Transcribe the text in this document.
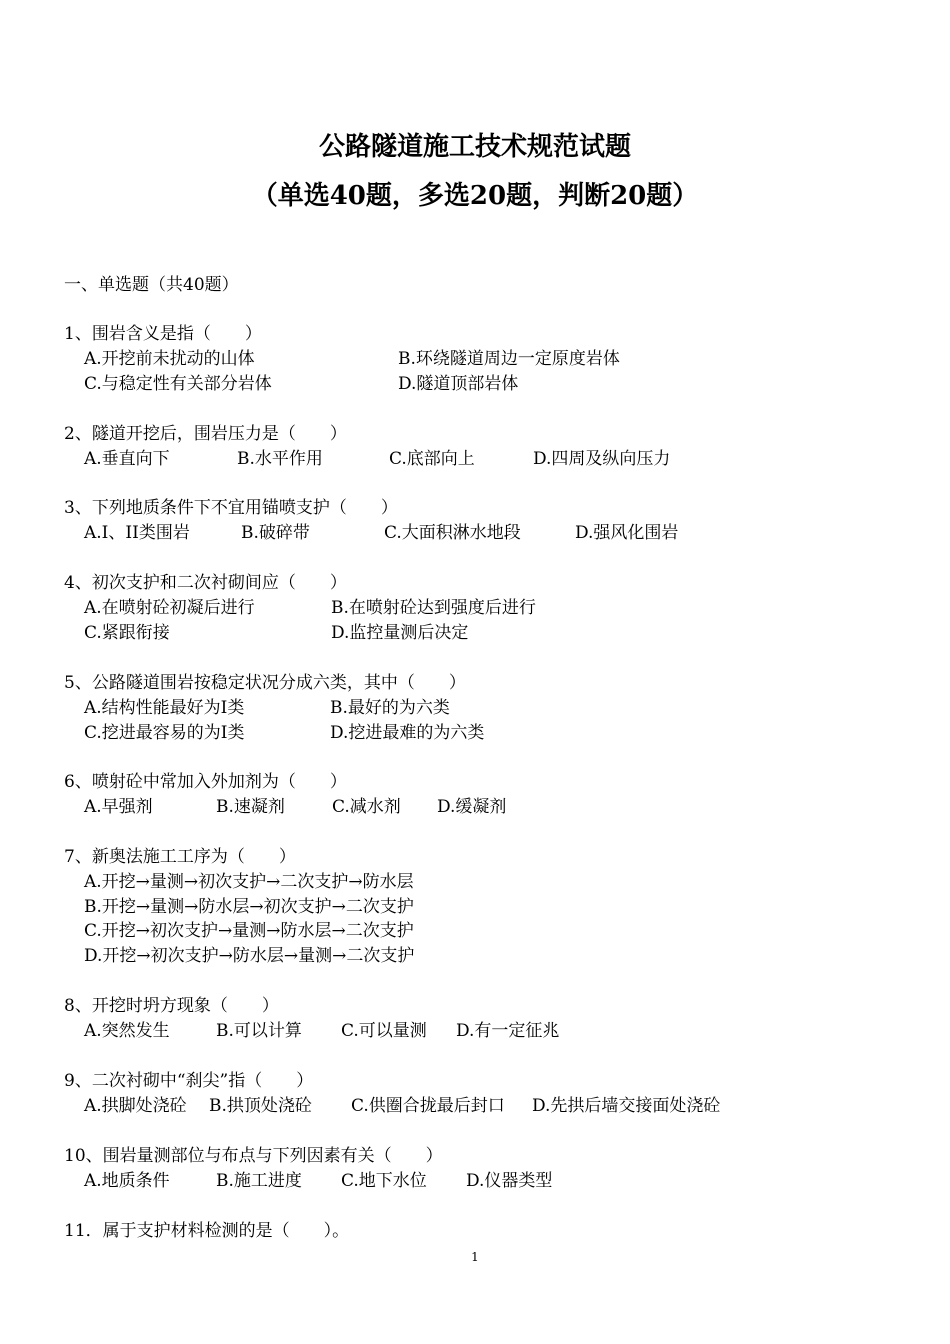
公路隧道施工技术规范试题
（单选40题，多选20题，判断20题）
一、单选题（共40题）
1、围岩含义是指（　　）
A.开挖前未扰动的山体	B.环绕隧道周边一定原度岩体
C.与稳定性有关部分岩体	D.隧道顶部岩体
2、隧道开挖后，围岩压力是（　　）
A.垂直向下	B.水平作用	C.底部向上	D.四周及纵向压力
3、下列地质条件下不宜用锚喷支护（　　）
A.I、II类围岩	B.破碎带	C.大面积淋水地段	D.强风化围岩
4、初次支护和二次衬砌间应（　　）
A.在喷射砼初凝后进行	B.在喷射砼达到强度后进行
C.紧跟衔接	D.监控量测后决定
5、公路隧道围岩按稳定状况分成六类，其中（　　）
A.结构性能最好为I类	B.最好的为六类
C.挖进最容易的为I类	D.挖进最难的为六类
6、喷射砼中常加入外加剂为（　　）
A.早强剂	B.速凝剂	C.减水剂 D.缓凝剂
7、新奥法施工工序为（　　）
A.开挖→量测→初次支护→二次支护→防水层
B.开挖→量测→防水层→初次支护→二次支护
C.开挖→初次支护→量测→防水层→二次支护
D.开挖→初次支护→防水层→量测→二次支护
8、开挖时坍方现象（　　）
A.突然发生	B.可以计算 C.可以量测 D.有一定征兆
9、二次衬砌中“刹尖”指（　　）
A.拱脚处浇砼 B.拱顶处浇砼 C.供圈合拢最后封口 D.先拱后墙交接面处浇砼
10、围岩量测部位与布点与下列因素有关（　　）
A.地质条件	B.施工进度 C.地下水位 D.仪器类型
11．属于支护材料检测的是（　　）。
1
